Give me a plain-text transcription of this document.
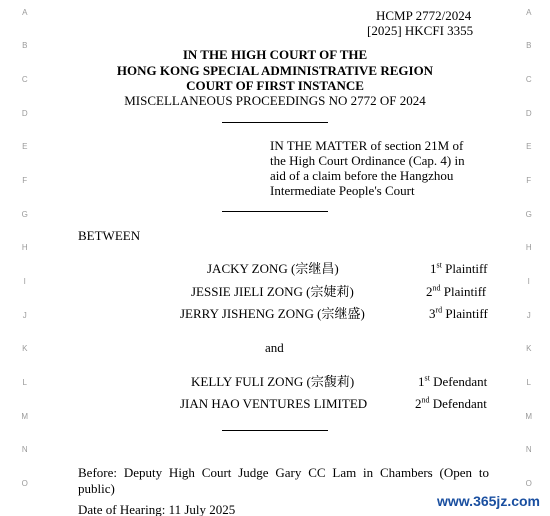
A
B
C
D
E
F
G
H
I
J
K
L
M
N
O
A
B
C
D
E
F
G
H
I
J
K
L
M
N
O
HCMP 2772/2024
[2025] HKCFI 3355
IN THE HIGH COURT OF THE
HONG KONG SPECIAL ADMINISTRATIVE REGION
COURT OF FIRST INSTANCE
MISCELLANEOUS PROCEEDINGS NO 2772 OF 2024
IN THE MATTER of section 21M of
the High Court Ordinance (Cap. 4) in
aid of a claim before the Hangzhou
Intermediate People's Court
BETWEEN
JACKY ZONG (宗继昌)	1st Plaintiff
JESSIE JIELI ZONG (宗婕莉)	2nd Plaintiff
JERRY JISHENG ZONG (宗继盛)	3rd Plaintiff
and
KELLY FULI ZONG (宗馥莉)	1st Defendant
JIAN HAO VENTURES LIMITED	2nd Defendant
Before: Deputy High Court Judge Gary CC Lam in Chambers (Open to public)
Date of Hearing: 11 July 2025
www.365jz.com
